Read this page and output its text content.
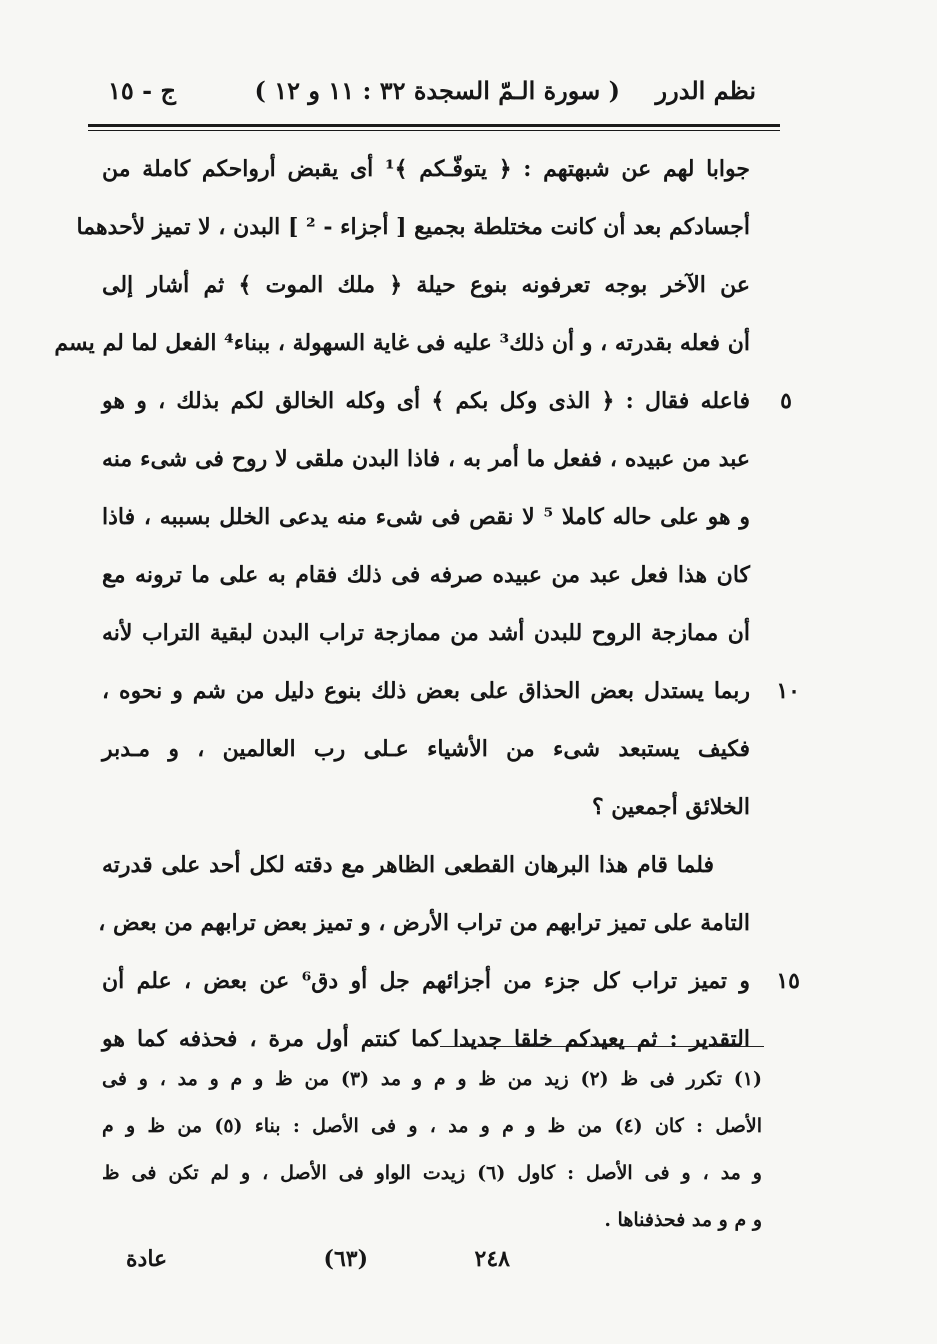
نظم الدرر
( سورة الـمّ السجدة ٣٢ : ١١ و ١٢ )
ج - ١٥
جوابا لهم عن شبهتهم : ﴿ يتوفّـكم ﴾¹ أى يقبض أرواحكم كاملة من
أجسادكم بعد أن كانت مختلطة بجميع [ أجزاء - ² ] البدن ، لا تميز لأحدهما
عن الآخر بوجه تعرفونه بنوع حيلة ﴿ ملك الموت ﴾ ثم أشار إلى
أن فعله بقدرته ، و أن ذلك³ عليه فى غاية السهولة ، ببناء⁴ الفعل لما لم يسم
٥
فاعله فقال : ﴿ الذى وكل بكم ﴾ أى وكله الخالق لكم بذلك ، و هو
عبد من عبيده ، ففعل ما أمر به ، فاذا البدن ملقى لا روح فى شىء منه
و هو على حاله كاملا ⁵ لا نقص فى شىء منه يدعى الخلل بسببه ، فاذا
كان هذا فعل عبد من عبيده صرفه فى ذلك فقام به على ما ترونه مع
أن ممازجة الروح للبدن أشد من ممازجة تراب البدن لبقية التراب لأنه
١٠
ربما يستدل بعض الحذاق على بعض ذلك بنوع دليل من شم و نحوه ،
فكيف يستبعد شىء من الأشياء عـلى رب العالمين ، و مـدبر
الخلائق أجمعين ؟
فلما قام هذا البرهان القطعى الظاهر مع دقته لكل أحد على قدرته
التامة على تميز ترابهم من تراب الأرض ، و تميز بعض ترابهم من بعض ،
١٥
و تميز تراب كل جزء من أجزائهم جل أو دق⁶ عن بعض ، علم أن
التقدير : ثم يعيدكم خلقا جديدا كما كنتم أول مرة ، فحذفه كما هو
(١) تكرر فى ظ (٢) زيد من ظ و م و مد (٣) من ظ و م و مد ، و فى
الأصل : كان (٤) من ظ و م و مد ، و فى الأصل : بناء (٥) من ظ و م
و مد ، و فى الأصل : كاول (٦) زيدت الواو فى الأصل ، و لم تكن فى ظ
و م و مد فحذفناها .
٢٤٨
(٦٣)
عادة
